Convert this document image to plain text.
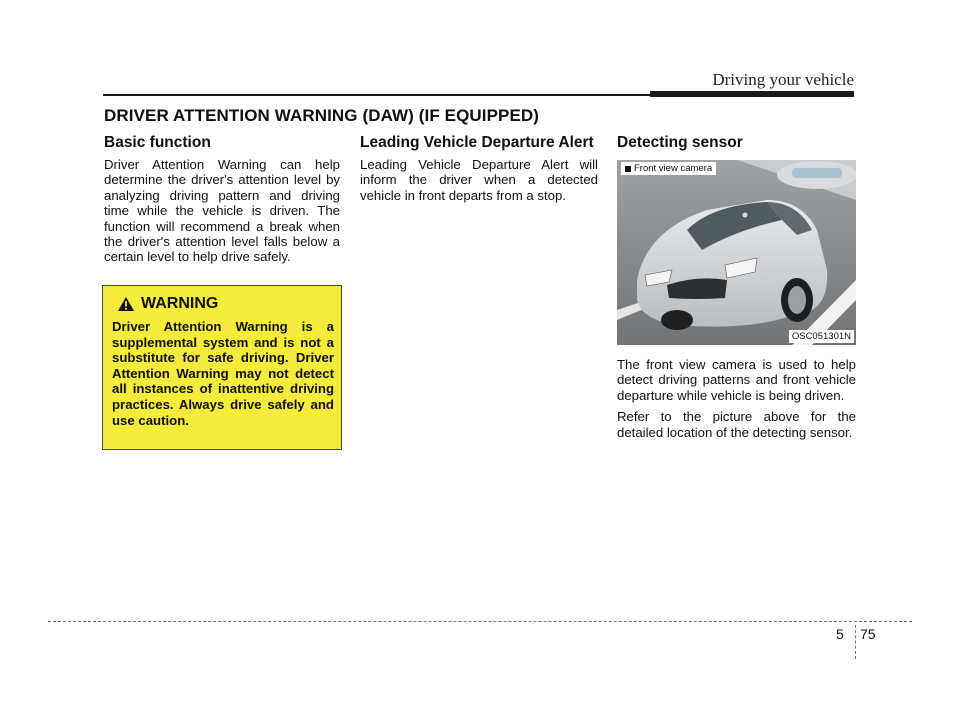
Driving your vehicle
DRIVER ATTENTION WARNING (DAW) (IF EQUIPPED)
Basic function

Driver Attention Warning can help determine the driver's attention level by analyzing driving pattern and driving time while the vehicle is driven. The function will recommend a break when the driver's attention level falls below a certain level to help drive safely.

WARNING
Driver Attention Warning is a supplemental system and is not a substitute for safe driving. Driver Attention Warning may not detect all instances of inattentive driving practices. Always drive safely and use caution.
Leading Vehicle Departure Alert

Leading Vehicle Departure Alert will inform the driver when a detected vehicle in front departs from a stop.

Detecting sensor
Front view camera
OSC051301N

The front view camera is used to help detect driving patterns and front vehicle departure while vehicle is being driven.

Refer to the picture above for the detailed location of the detecting sensor.

5 75
